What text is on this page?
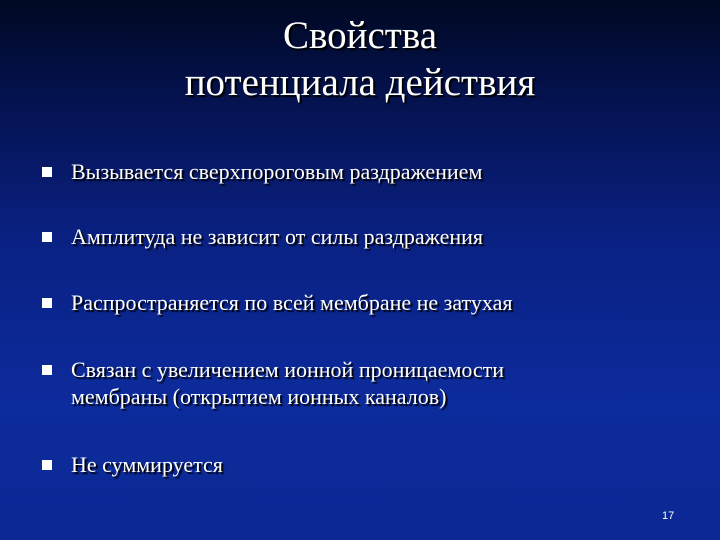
Свойства
потенциала действия
Вызывается сверхпороговым раздражением
Амплитуда не зависит от силы раздражения
Распространяется по всей мембране не затухая
Связан с увеличением ионной проницаемости
мембраны (открытием ионных каналов)
Не суммируется
17
